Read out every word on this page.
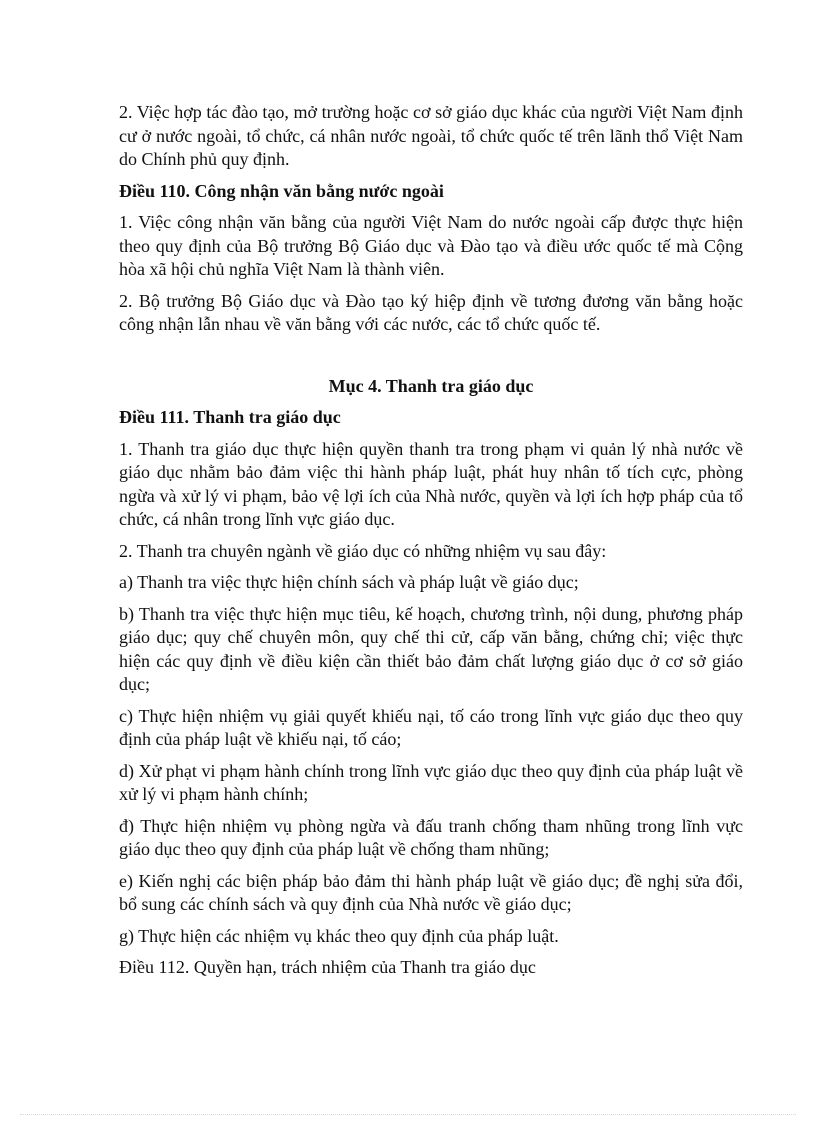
2. Việc hợp tác đào tạo, mở trường hoặc cơ sở giáo dục khác của người Việt Nam định cư ở nước ngoài, tổ chức, cá nhân nước ngoài, tổ chức quốc tế trên lãnh thổ Việt Nam do Chính phủ quy định.

Điều 110. Công nhận văn bằng nước ngoài

1. Việc công nhận văn bằng của người Việt Nam do nước ngoài cấp được thực hiện theo quy định của Bộ trưởng Bộ Giáo dục và Đào tạo và điều ước quốc tế mà Cộng hòa xã hội chủ nghĩa Việt Nam là thành viên.

2. Bộ trưởng Bộ Giáo dục và Đào tạo ký hiệp định về tương đương văn bằng hoặc công nhận lẫn nhau về văn bằng với các nước, các tổ chức quốc tế.

Mục 4. Thanh tra giáo dục

Điều 111. Thanh tra giáo dục

1. Thanh tra giáo dục thực hiện quyền thanh tra trong phạm vi quản lý nhà nước về giáo dục nhằm bảo đảm việc thi hành pháp luật, phát huy nhân tố tích cực, phòng ngừa và xử lý vi phạm, bảo vệ lợi ích của Nhà nước, quyền và lợi ích hợp pháp của tổ chức, cá nhân trong lĩnh vực giáo dục.

2. Thanh tra chuyên ngành về giáo dục có những nhiệm vụ sau đây:

a) Thanh tra việc thực hiện chính sách và pháp luật về giáo dục;

b) Thanh tra việc thực hiện mục tiêu, kế hoạch, chương trình, nội dung, phương pháp giáo dục; quy chế chuyên môn, quy chế thi cử, cấp văn bằng, chứng chỉ; việc thực hiện các quy định về điều kiện cần thiết bảo đảm chất lượng giáo dục ở cơ sở giáo dục;

c) Thực hiện nhiệm vụ giải quyết khiếu nại, tố cáo trong lĩnh vực giáo dục theo quy định của pháp luật về khiếu nại, tố cáo;

d) Xử phạt vi phạm hành chính trong lĩnh vực giáo dục theo quy định của pháp luật về xử lý vi phạm hành chính;

đ) Thực hiện nhiệm vụ phòng ngừa và đấu tranh chống tham nhũng trong lĩnh vực giáo dục theo quy định của pháp luật về chống tham nhũng;

e) Kiến nghị các biện pháp bảo đảm thi hành pháp luật về giáo dục; đề nghị sửa đổi, bổ sung các chính sách và quy định của Nhà nước về giáo dục;

g) Thực hiện các nhiệm vụ khác theo quy định của pháp luật.

Điều 112. Quyền hạn, trách nhiệm của Thanh tra giáo dục
